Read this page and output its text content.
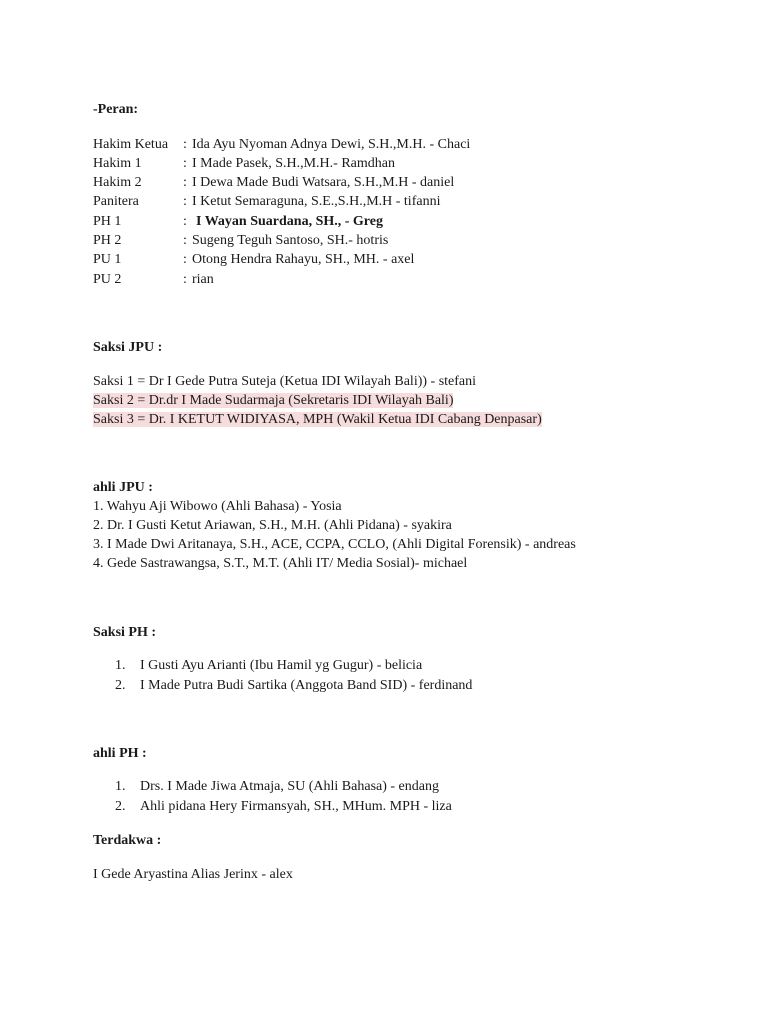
-Peran:
Hakim Ketua : Ida Ayu Nyoman Adnya Dewi, S.H.,M.H. - Chaci
Hakim 1	: I Made Pasek, S.H.,M.H.- Ramdhan
Hakim 2	: I Dewa Made Budi Watsara, S.H.,M.H - daniel
Panitera	: I Ketut Semaraguna, S.E.,S.H.,M.H - tifanni
PH 1	: I Wayan Suardana, SH., - Greg
PH 2	: Sugeng Teguh Santoso, SH.- hotris
PU 1	: Otong Hendra Rahayu, SH., MH. - axel
PU 2	: rian
Saksi JPU :
Saksi 1 = Dr I Gede Putra Suteja (Ketua IDI Wilayah Bali)) - stefani
Saksi 2 = Dr.dr I Made Sudarmaja (Sekretaris IDI Wilayah Bali)
Saksi 3 = Dr. I KETUT WIDIYASA, MPH (Wakil Ketua IDI Cabang Denpasar)
ahli JPU :
1. Wahyu Aji Wibowo (Ahli Bahasa) - Yosia
2. Dr. I Gusti Ketut Ariawan, S.H., M.H. (Ahli Pidana) - syakira
3. I Made Dwi Aritanaya, S.H., ACE, CCPA, CCLO, (Ahli Digital Forensik) - andreas
4. Gede Sastrawangsa, S.T., M.T. (Ahli IT/ Media Sosial)- michael
Saksi PH :
1. I Gusti Ayu Arianti (Ibu Hamil yg Gugur) - belicia
2. I Made Putra Budi Sartika (Anggota Band SID) - ferdinand
ahli PH :
1. Drs. I Made Jiwa Atmaja, SU (Ahli Bahasa) - endang
2. Ahli pidana Hery Firmansyah, SH., MHum. MPH - liza
Terdakwa :
I Gede Aryastina Alias Jerinx - alex
